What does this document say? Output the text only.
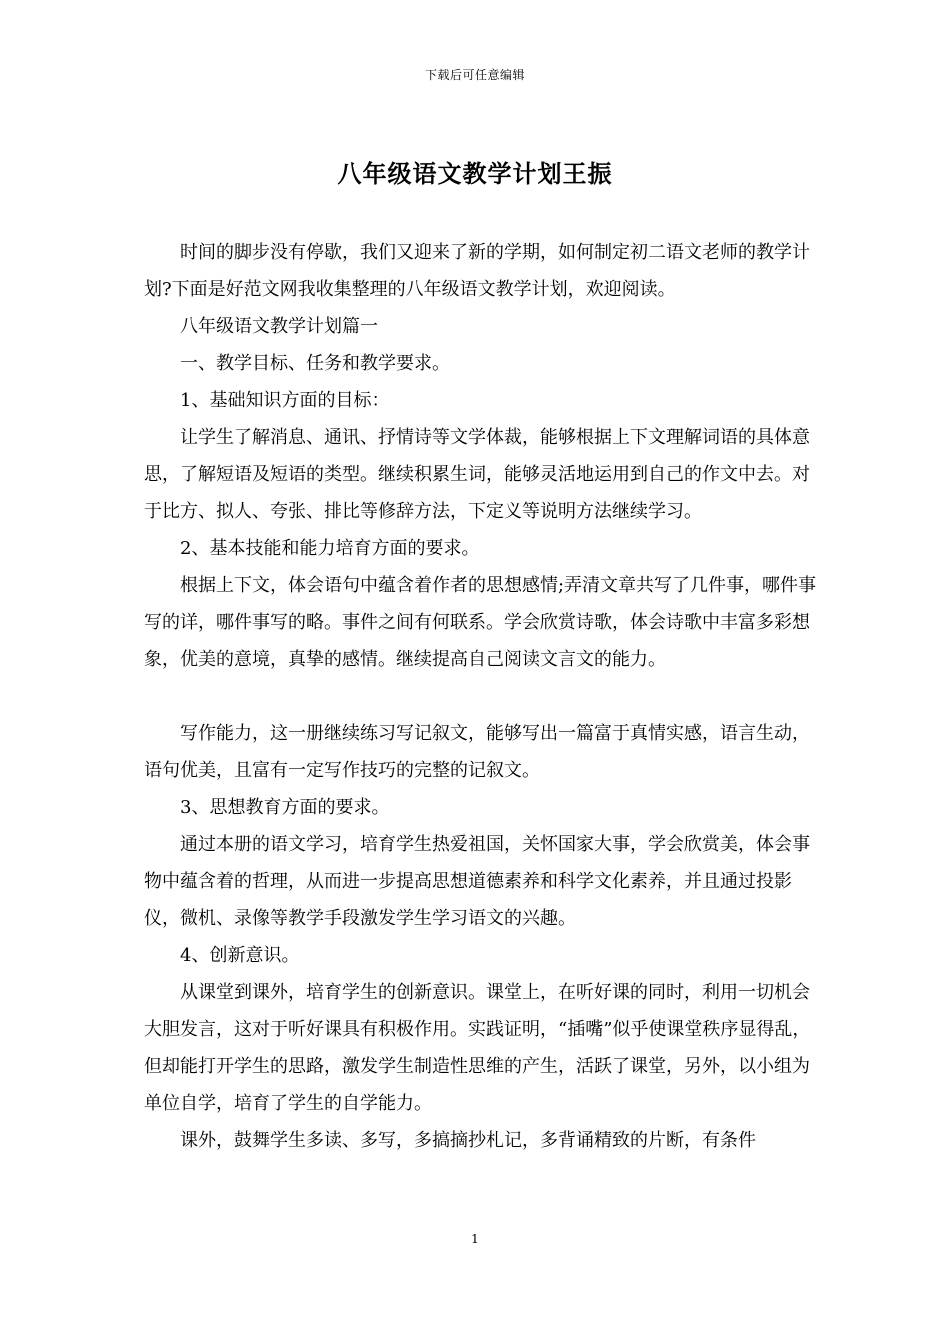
下载后可任意编辑
八年级语文教学计划王振

时间的脚步没有停歇，我们又迎来了新的学期，如何制定初二语文老师的教学计划?下面是好范文网我收集整理的八年级语文教学计划，欢迎阅读。

八年级语文教学计划篇一

一、教学目标、任务和教学要求。

1、基础知识方面的目标：

让学生了解消息、通讯、抒情诗等文学体裁，能够根据上下文理解词语的具体意思，了解短语及短语的类型。继续积累生词，能够灵活地运用到自己的作文中去。对于比方、拟人、夸张、排比等修辞方法，下定义等说明方法继续学习。

2、基本技能和能力培育方面的要求。

根据上下文，体会语句中蕴含着作者的思想感情;弄清文章共写了几件事，哪件事写的详，哪件事写的略。事件之间有何联系。学会欣赏诗歌，体会诗歌中丰富多彩想象，优美的意境，真挚的感情。继续提高自己阅读文言文的能力。

写作能力，这一册继续练习写记叙文，能够写出一篇富于真情实感，语言生动，语句优美，且富有一定写作技巧的完整的记叙文。

3、思想教育方面的要求。

通过本册的语文学习，培育学生热爱祖国，关怀国家大事，学会欣赏美，体会事物中蕴含着的哲理，从而进一步提高思想道德素养和科学文化素养，并且通过投影仪，微机、录像等教学手段激发学生学习语文的兴趣。

4、创新意识。

从课堂到课外，培育学生的创新意识。课堂上，在听好课的同时，利用一切机会大胆发言，这对于听好课具有积极作用。实践证明，“插嘴”似乎使课堂秩序显得乱，但却能打开学生的思路，激发学生制造性思维的产生，活跃了课堂，另外，以小组为单位自学，培育了学生的自学能力。

课外，鼓舞学生多读、多写，多搞摘抄札记，多背诵精致的片断，有条件

1
